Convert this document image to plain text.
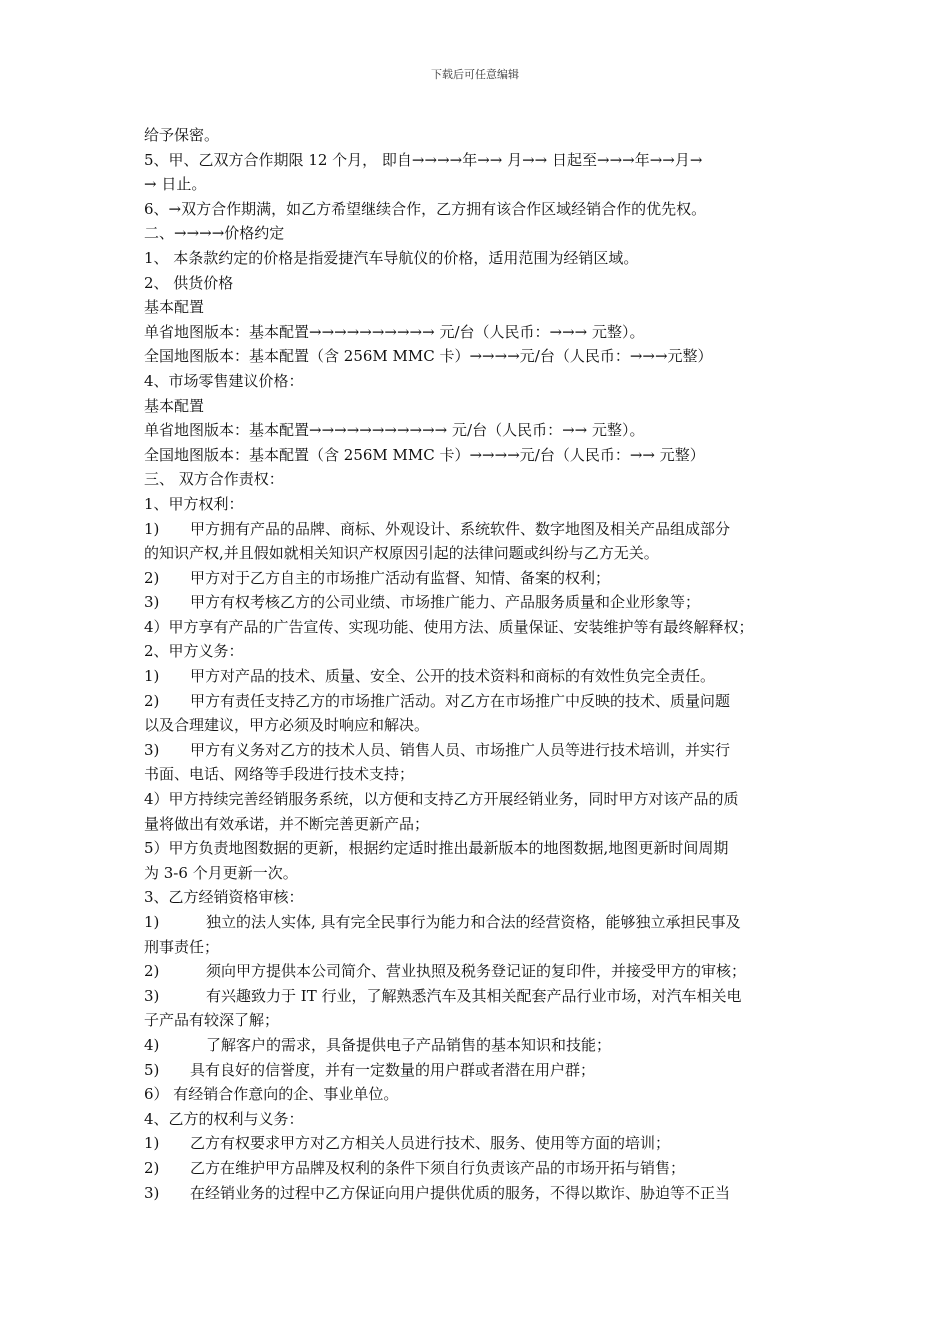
下载后可任意编辑
给予保密。
5、甲、乙双方合作期限 12 个月， 即自→→→→年→→ 月→→ 日起至→→→年→→月→
→ 日止。
6、→双方合作期满，如乙方希望继续合作，乙方拥有该合作区域经销合作的优先权。
二、→→→→价格约定
1、 本条款约定的价格是指爱捷汽车导航仪的价格，适用范围为经销区域。
2、 供货价格
基本配置
单省地图版本：基本配置→→→→→→→→→→ 元/台（人民币：→→→ 元整）。
全国地图版本：基本配置（含 256M MMC 卡）→→→→元/台（人民币：→→→元整）
4、市场零售建议价格：
基本配置
单省地图版本：基本配置→→→→→→→→→→→ 元/台（人民币：→→ 元整）。
全国地图版本：基本配置（含 256M MMC 卡）→→→→元/台（人民币：→→ 元整）
三、 双方合作责权：
1、甲方权利：
1)	甲方拥有产品的品牌、商标、外观设计、系统软件、数字地图及相关产品组成部分
的知识产权,并且假如就相关知识产权原因引起的法律问题或纠纷与乙方无关。
2)	甲方对于乙方自主的市场推广活动有监督、知情、备案的权利；
3)	甲方有权考核乙方的公司业绩、市场推广能力、产品服务质量和企业形象等；
4）甲方享有产品的广告宣传、实现功能、使用方法、质量保证、安装维护等有最终解释权；
2、甲方义务：
1)	甲方对产品的技术、质量、安全、公开的技术资料和商标的有效性负完全责任。
2)	甲方有责任支持乙方的市场推广活动。对乙方在市场推广中反映的技术、质量问题
以及合理建议，甲方必须及时响应和解决。
3)	甲方有义务对乙方的技术人员、销售人员、市场推广人员等进行技术培训，并实行
书面、电话、网络等手段进行技术支持；
4）甲方持续完善经销服务系统，以方便和支持乙方开展经销业务，同时甲方对该产品的质
量将做出有效承诺，并不断完善更新产品；
5）甲方负责地图数据的更新，根据约定适时推出最新版本的地图数据,地图更新时间周期
为 3-6 个月更新一次。
3、乙方经销资格审核：
1)	独立的法人实体, 具有完全民事行为能力和合法的经营资格，能够独立承担民事及
刑事责任；
2)	须向甲方提供本公司简介、营业执照及税务登记证的复印件，并接受甲方的审核；
3)	有兴趣致力于 IT 行业，了解熟悉汽车及其相关配套产品行业市场，对汽车相关电
子产品有较深了解；
4)	了解客户的需求，具备提供电子产品销售的基本知识和技能；
5)	具有良好的信誉度，并有一定数量的用户群或者潜在用户群；
6） 有经销合作意向的企、事业单位。
4、乙方的权利与义务：
1)	乙方有权要求甲方对乙方相关人员进行技术、服务、使用等方面的培训；
2)	乙方在维护甲方品牌及权利的条件下须自行负责该产品的市场开拓与销售；
3)	在经销业务的过程中乙方保证向用户提供优质的服务，不得以欺诈、胁迫等不正当
